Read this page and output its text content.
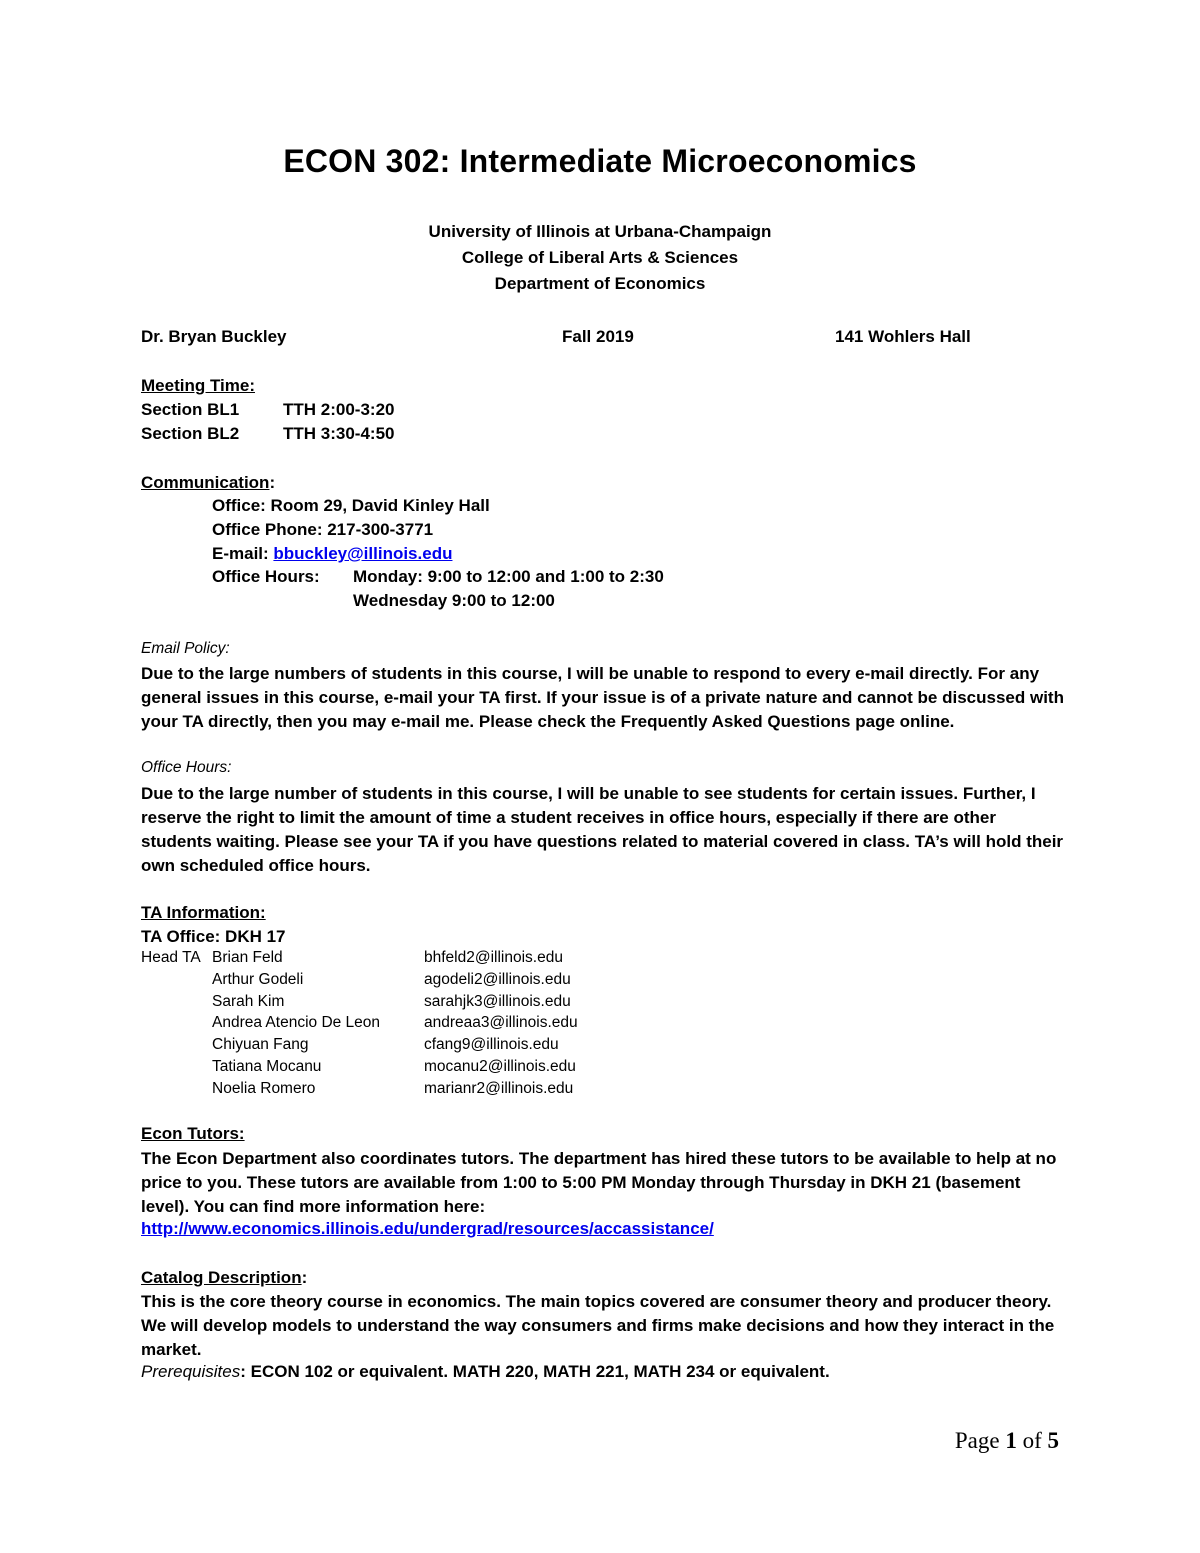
ECON 302: Intermediate Microeconomics
University of Illinois at Urbana-Champaign
College of Liberal Arts & Sciences
Department of Economics
Dr. Bryan Buckley	Fall 2019	141 Wohlers Hall
Meeting Time:
Section BL1	TTH 2:00-3:20
Section BL2	TTH 3:30-4:50
Communication:
Office: Room 29, David Kinley Hall
Office Phone: 217-300-3771
E-mail: bbuckley@illinois.edu
Office Hours: Monday: 9:00 to 12:00 and 1:00 to 2:30
Wednesday 9:00 to 12:00
Email Policy:
Due to the large numbers of students in this course, I will be unable to respond to every e-mail directly. For any general issues in this course, e-mail your TA first. If your issue is of a private nature and cannot be discussed with your TA directly, then you may e-mail me. Please check the Frequently Asked Questions page online.
Office Hours:
Due to the large number of students in this course, I will be unable to see students for certain issues. Further, I reserve the right to limit the amount of time a student receives in office hours, especially if there are other students waiting. Please see your TA if you have questions related to material covered in class. TA’s will hold their own scheduled office hours.
TA Information:
TA Office: DKH 17
Head TA Brian Feld	bhfeld2@illinois.edu
Arthur Godeli	agodeli2@illinois.edu
Sarah Kim	sarahjk3@illinois.edu
Andrea Atencio De Leon	andreaa3@illinois.edu
Chiyuan Fang	cfang9@illinois.edu
Tatiana Mocanu	mocanu2@illinois.edu
Noelia Romero	marianr2@illinois.edu
Econ Tutors:
The Econ Department also coordinates tutors. The department has hired these tutors to be available to help at no price to you. These tutors are available from 1:00 to 5:00 PM Monday through Thursday in DKH 21 (basement level). You can find more information here:
http://www.economics.illinois.edu/undergrad/resources/accassistance/
Catalog Description:
This is the core theory course in economics. The main topics covered are consumer theory and producer theory. We will develop models to understand the way consumers and firms make decisions and how they interact in the market.
Prerequisites: ECON 102 or equivalent. MATH 220, MATH 221, MATH 234 or equivalent.
Page 1 of 5
